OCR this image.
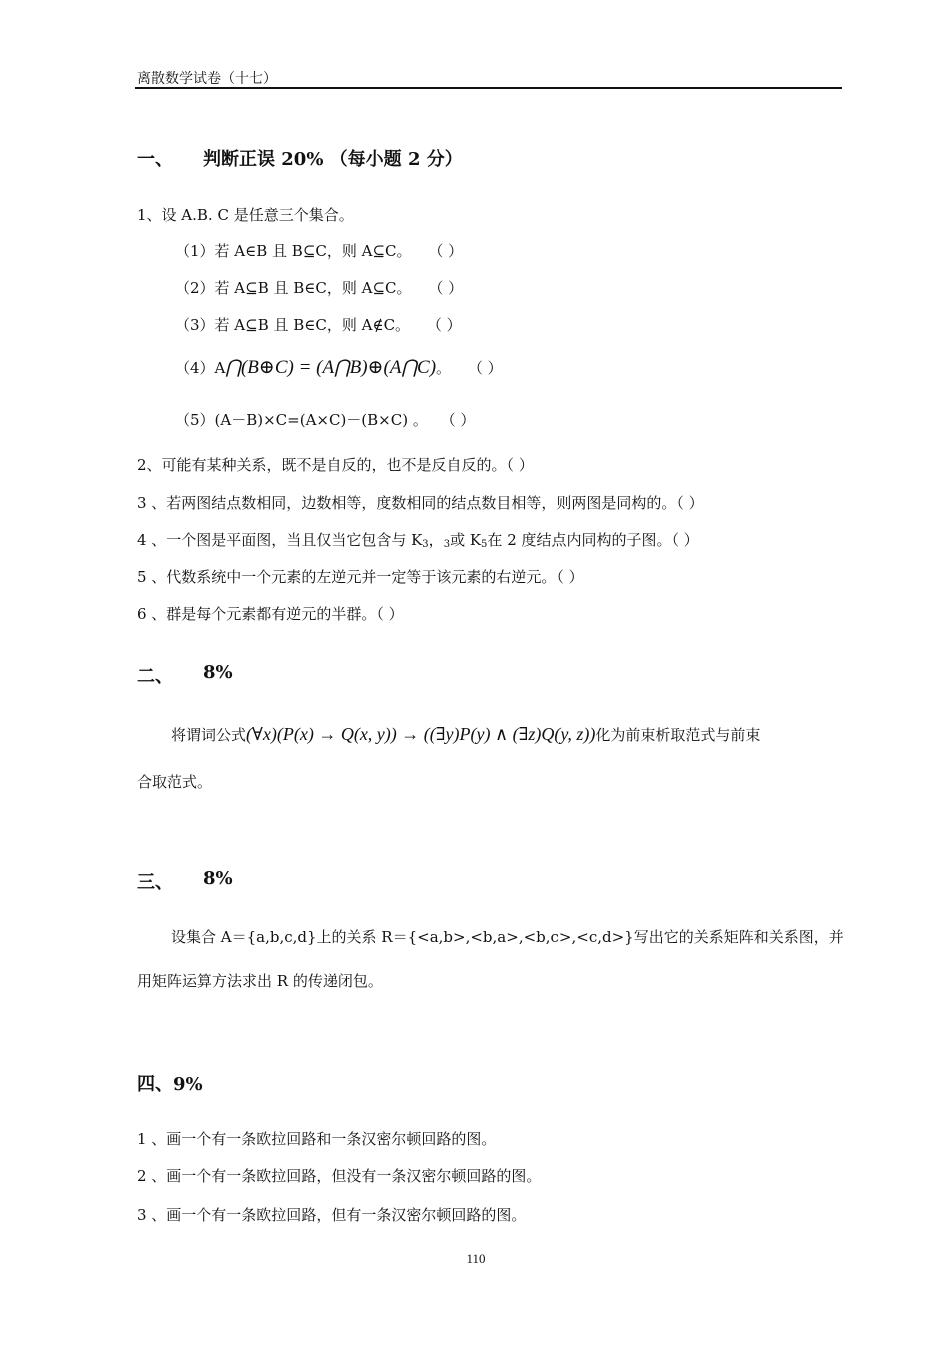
离散数学试卷（十七）
一、 判断正误 20% （每小题 2 分）
1、设 A.B. C 是任意三个集合。
（1）若 A∈B 且 B⊆C，则 A⊆C。 （ ）
（2）若 A⊆B 且 B∈C，则 A⊆C。 （ ）
（3）若 A⊆B 且 B∈C，则 A∉C。 （ ）
（4）A⋂(B⊕C) = (A⋂B)⊕(A⋂C)。 （ ）
（5）(A－B)×C=(A×C)－(B×C) 。 （ ）
2、可能有某种关系，既不是自反的，也不是反自反的。（ ）
3 、若两图结点数相同，边数相等，度数相同的结点数目相等，则两图是同构的。（ ）
4 、一个图是平面图，当且仅当它包含与 $K_3$，$_3$或 $K_5$在 2 度结点内同构的子图。（ ）
5 、代数系统中一个元素的左逆元并一定等于该元素的右逆元。（ ）
6 、群是每个元素都有逆元的半群。（ ）
二、 8%
将谓词公式(∀x)(P(x) → Q(x, y)) → ((∃y)P(y) ∧ (∃z)Q(y, z))化为前束析取范式与前束
合取范式。
三、 8%
设集合 A＝{a,b,c,d}上的关系 R＝{<a,b>,<b,a>,<b,c>,<c,d>}写出它的关系矩阵和关系图，并
用矩阵运算方法求出 R 的传递闭包。
四、9%
1 、画一个有一条欧拉回路和一条汉密尔顿回路的图。
2 、画一个有一条欧拉回路，但没有一条汉密尔顿回路的图。
3 、画一个有一条欧拉回路，但有一条汉密尔顿回路的图。
110
